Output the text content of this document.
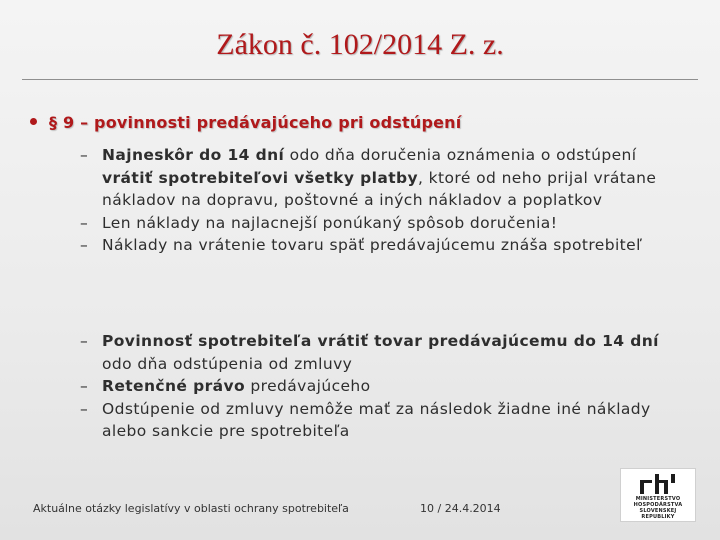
Zákon č. 102/2014 Z. z.
§ 9 – povinnosti predávajúceho pri odstúpení
– Najneskôr do 14 dní odo dňa doručenia oznámenia o odstúpení vrátiť spotrebiteľovi všetky platby, ktoré od neho prijal vrátane nákladov na dopravu, poštovné a iných nákladov a poplatkov
– Len náklady na najlacnejší ponúkaný spôsob doručenia!
– Náklady na vrátenie tovaru späť predávajúcemu znáša spotrebiteľ
– Povinnosť spotrebiteľa vrátiť tovar predávajúcemu do 14 dní odo dňa odstúpenia od zmluvy
– Retenčné právo predávajúceho
– Odstúpenie od zmluvy nemôže mať za následok žiadne iné náklady alebo sankcie pre spotrebiteľa
Aktuálne otázky legislatívy v oblasti ochrany spotrebiteľa	10 / 24.4.2014
MINISTERSTVO
HOSPODÁRSTVA
SLOVENSKEJ REPUBLIKY
